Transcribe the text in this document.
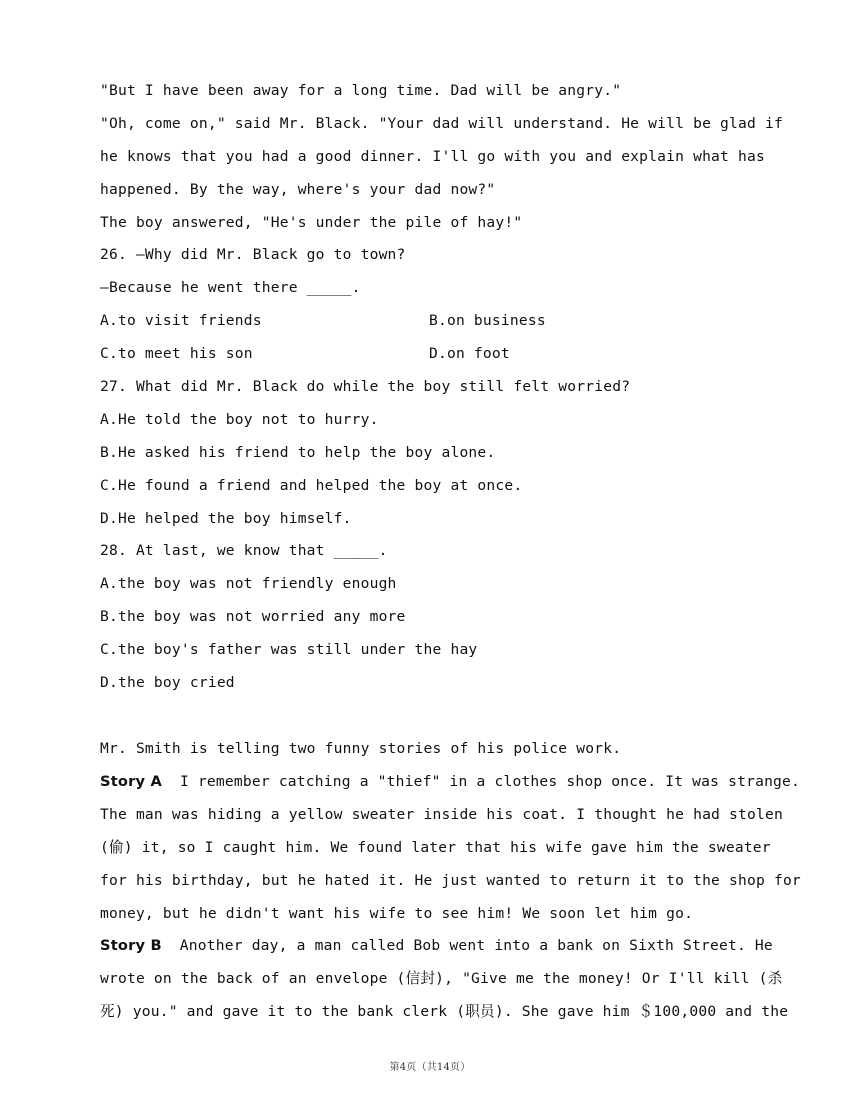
"But I have been away for a long time. Dad will be angry."
"Oh, come on," said Mr. Black. "Your dad will understand. He will be glad if
he knows that you had a good dinner. I'll go with you and explain what has
happened. By the way, where's your dad now?"
The boy answered, "He's under the pile of hay!"
26. —Why did Mr. Black go to town?
—Because he went there _____.
A.to visit friends	B.on business
C.to meet his son	D.on foot
27. What did Mr. Black do while the boy still felt worried?
A.He told the boy not to hurry.
B.He asked his friend to help the boy alone.
C.He found a friend and helped the boy at once.
D.He helped the boy himself.
28. At last, we know that _____.
A.the boy was not friendly enough
B.the boy was not worried any more
C.the boy's father was still under the hay
D.the boy cried
Mr. Smith is telling two funny stories of his police work.
Story A  I remember catching a "thief" in a clothes shop once. It was strange.
The man was hiding a yellow sweater inside his coat. I thought he had stolen
(偷) it, so I caught him. We found later that his wife gave him the sweater
for his birthday, but he hated it. He just wanted to return it to the shop for
money, but he didn't want his wife to see him! We soon let him go.
Story B  Another day, a man called Bob went into a bank on Sixth Street. He
wrote on the back of an envelope (信封), "Give me the money! Or I'll kill (杀
死) you." and gave it to the bank clerk (职员). She gave him ＄100,000 and the
第4页（共14页）
